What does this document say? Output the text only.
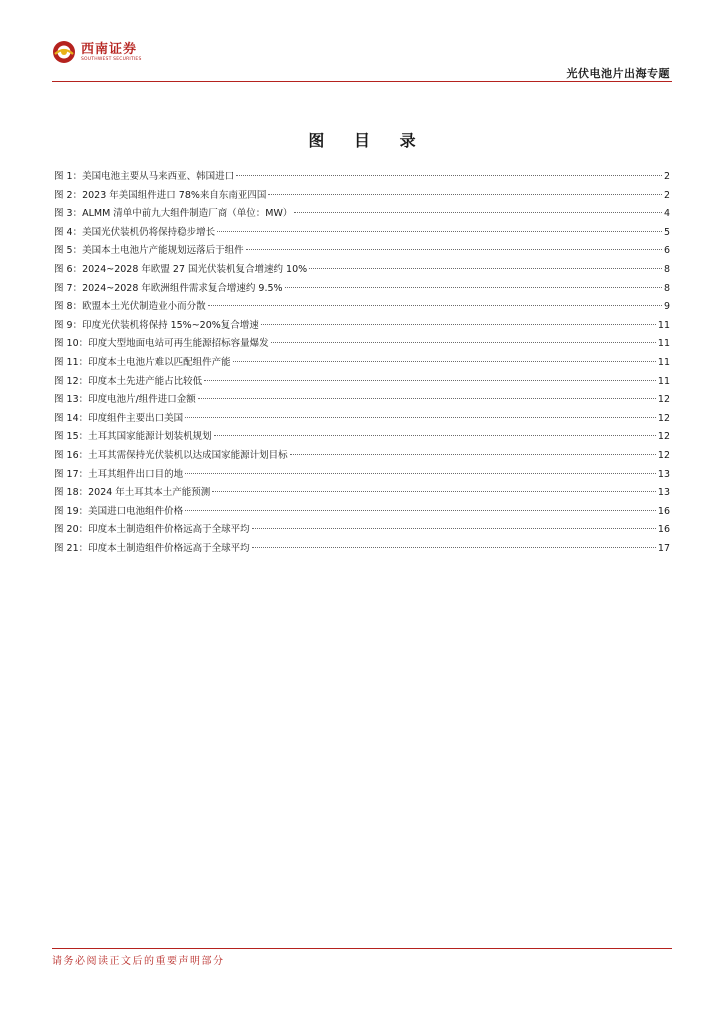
西南证券
SOUTHWEST SECURITIES
光伏电池片出海专题
图 目 录
图 1： 美国电池主要从马来西亚、韩国进口	2
图 2： 2023 年美国组件进口 78%来自东南亚四国	2
图 3： ALMM 清单中前九大组件制造厂商（单位：MW）	4
图 4： 美国光伏装机仍将保持稳步增长	5
图 5： 美国本土电池片产能规划远落后于组件	6
图 6： 2024~2028 年欧盟 27 国光伏装机复合增速约 10%	8
图 7： 2024~2028 年欧洲组件需求复合增速约 9.5%	8
图 8： 欧盟本土光伏制造业小而分散	9
图 9： 印度光伏装机将保持 15%~20%复合增速	11
图 10： 印度大型地面电站可再生能源招标容量爆发	11
图 11： 印度本土电池片难以匹配组件产能	11
图 12： 印度本土先进产能占比较低	11
图 13： 印度电池片/组件进口金额	12
图 14： 印度组件主要出口美国	12
图 15： 土耳其国家能源计划装机规划	12
图 16： 土耳其需保持光伏装机以达成国家能源计划目标	12
图 17： 土耳其组件出口目的地	13
图 18： 2024 年土耳其本土产能预测	13
图 19： 美国进口电池组件价格	16
图 20： 印度本土制造组件价格远高于全球平均	16
图 21： 印度本土制造组件价格远高于全球平均	17
请务必阅读正文后的重要声明部分
